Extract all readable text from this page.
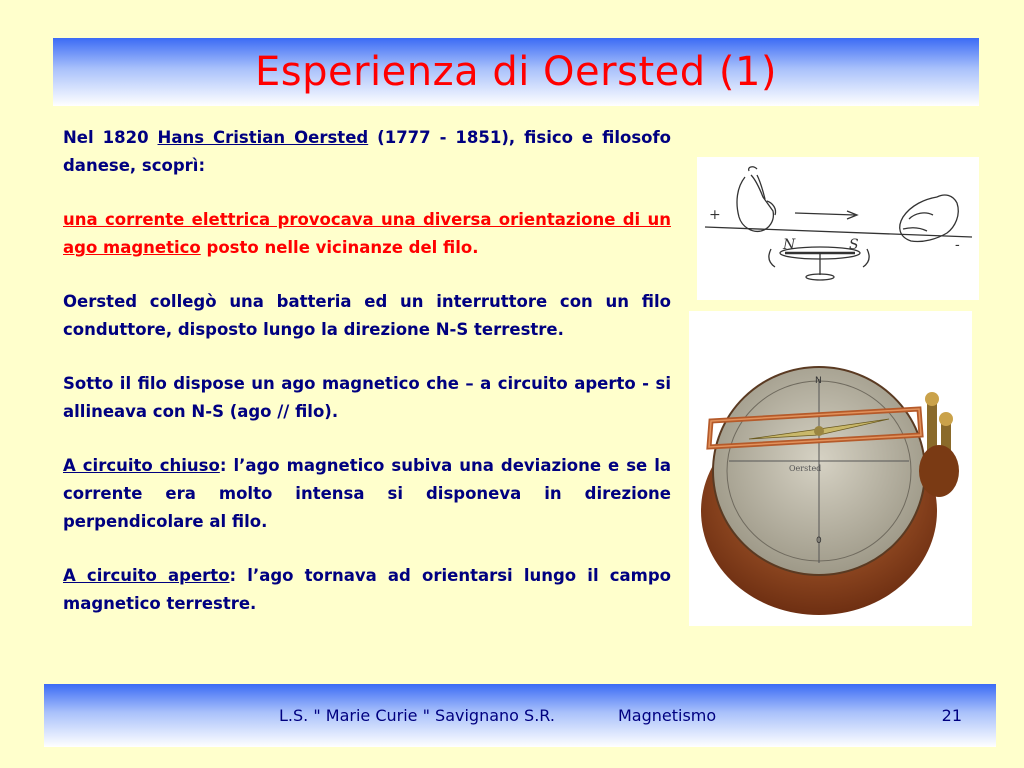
Esperienza di Oersted (1)

Nel 1820 Hans Cristian Oersted (1777 - 1851), fisico e filosofo danese, scoprì:

una corrente elettrica provocava una diversa orientazione di un ago magnetico posto nelle vicinanze del filo.

Oersted collegò una batteria ed un interruttore con un filo conduttore, disposto lungo la direzione N-S terrestre.

Sotto il filo dispose un ago magnetico che – a circuito aperto - si allineava con N-S (ago // filo).

A circuito chiuso: l’ago magnetico subiva una deviazione e se la corrente era molto intensa si disponeva in direzione perpendicolare al filo.

A circuito aperto: l’ago tornava ad orientarsi lungo il campo magnetico terrestre.

+
-
N	S
N
0
Oersted
L.S. " Marie Curie " Savignano S.R.	Magnetismo	21
